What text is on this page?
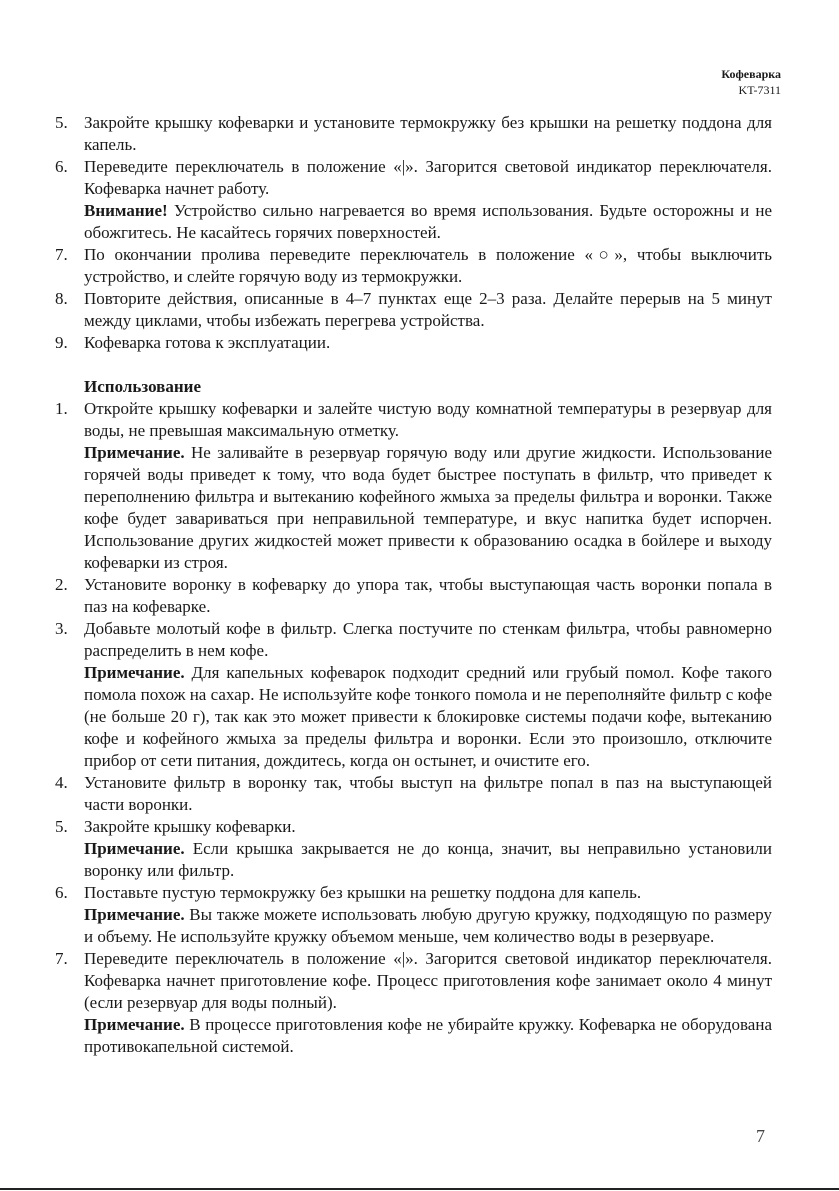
Кофеварка
KT-7311
5. Закройте крышку кофеварки и установите термокружку без крышки на решетку поддона для капель.
6. Переведите переключатель в положение «|». Загорится световой индикатор переключателя. Кофеварка начнет работу.
Внимание! Устройство сильно нагревается во время использования. Будьте осторожны и не обожгитесь. Не касайтесь горячих поверхностей.
7. По окончании пролива переведите переключатель в положение «○», чтобы выключить устройство, и слейте горячую воду из термокружки.
8. Повторите действия, описанные в 4–7 пунктах еще 2–3 раза. Делайте перерыв на 5 минут между циклами, чтобы избежать перегрева устройства.
9. Кофеварка готова к эксплуатации.
Использование
1. Откройте крышку кофеварки и залейте чистую воду комнатной температуры в резервуар для воды, не превышая максимальную отметку.
Примечание. Не заливайте в резервуар горячую воду или другие жидкости. Использование горячей воды приведет к тому, что вода будет быстрее поступать в фильтр, что приведет к переполнению фильтра и вытеканию кофейного жмыха за пределы фильтра и воронки. Также кофе будет завариваться при неправильной температуре, и вкус напитка будет испорчен. Использование других жидкостей может привести к образованию осадка в бойлере и выходу кофеварки из строя.
2. Установите воронку в кофеварку до упора так, чтобы выступающая часть воронки попала в паз на кофеварке.
3. Добавьте молотый кофе в фильтр. Слегка постучите по стенкам фильтра, чтобы равномерно распределить в нем кофе.
Примечание. Для капельных кофеварок подходит средний или грубый помол. Кофе такого помола похож на сахар. Не используйте кофе тонкого помола и не переполняйте фильтр с кофе (не больше 20 г), так как это может привести к блокировке системы подачи кофе, вытеканию кофе и кофейного жмыха за пределы фильтра и воронки. Если это произошло, отключите прибор от сети питания, дождитесь, когда он остынет, и очистите его.
4. Установите фильтр в воронку так, чтобы выступ на фильтре попал в паз на выступающей части воронки.
5. Закройте крышку кофеварки.
Примечание. Если крышка закрывается не до конца, значит, вы неправильно установили воронку или фильтр.
6. Поставьте пустую термокружку без крышки на решетку поддона для капель.
Примечание. Вы также можете использовать любую другую кружку, подходящую по размеру и объему. Не используйте кружку объемом меньше, чем количество воды в резервуаре.
7. Переведите переключатель в положение «|». Загорится световой индикатор переключателя. Кофеварка начнет приготовление кофе. Процесс приготовления кофе занимает около 4 минут (если резервуар для воды полный).
Примечание. В процессе приготовления кофе не убирайте кружку. Кофеварка не оборудована противокапельной системой.
7
